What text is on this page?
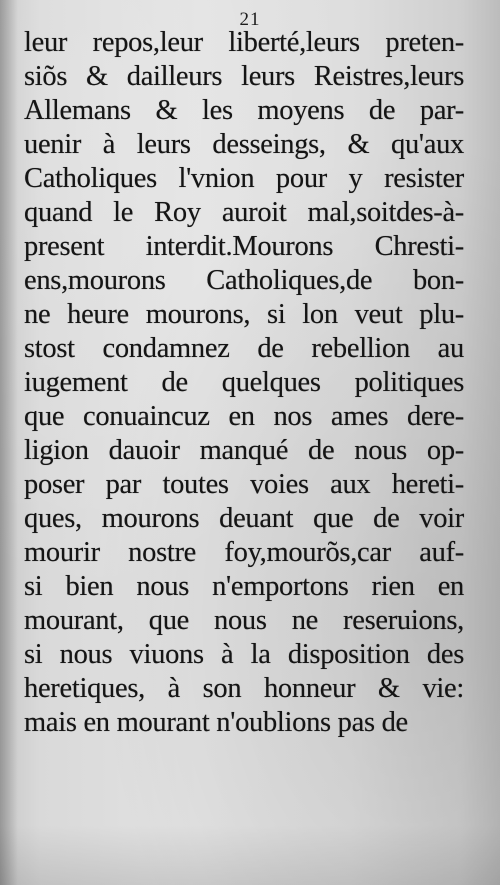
21
leur repos,leur liberté,leurs preten-
siõs & dailleurs leurs Reistres,leurs
Allemans & les moyens de par-
uenir à leurs desseings, & qu'aux
Catholiques l'vnion pour y resister
quand le Roy auroit mal,soitdes-à-
present interdit.Mourons Chresti-
ens,mourons Catholiques,de bon-
ne heure mourons, si lon veut plu-
stost condamnez de rebellion au
iugement de quelques politiques
que conuaincuz en nos ames dere-
ligion dauoir manqué de nous op-
poser par toutes voies aux hereti-
ques, mourons deuant que de voir
mourir nostre foy,mourõs,car auf-
si bien nous n'emportons rien en
mourant, que nous ne reseruions,
si nous viuons à la disposition des
heretiques, à son honneur & vie:
mais en mourant n'oublions pas de
